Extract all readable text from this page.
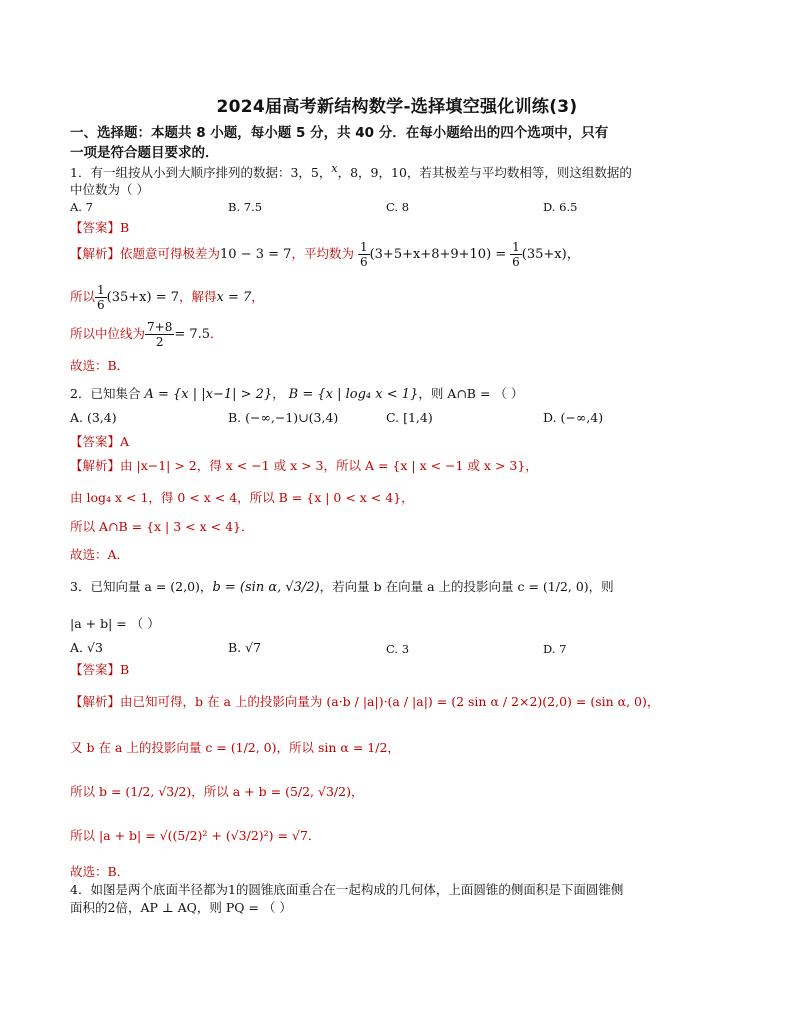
2024届高考新结构数学-选择填空强化训练(3)
一、选择题：本题共 8 小题，每小题 5 分，共 40 分．在每小题给出的四个选项中，只有
一项是符合题目要求的．
1．有一组按从小到大顺序排列的数据：3，5，x，8，9，10，若其极差与平均数相等，则这组数据的
中位数为（ ）
A. 7	B. 7.5	C. 8	D. 6.5
【答案】B
【解析】依题意可得极差为10 − 3 = 7，平均数为 $\frac{1}{6} (3+5+x+8+9+10) = \frac{1}{6} (35+x)$，
所以 $\frac{1}{6} (35+x) = 7$，解得x = 7，
所以中位线为 $\frac{7+8}{2} = 7.5$．
故选：B．
2．已知集合 A = {x | |x−1| > 2}， B = {x | log₄ x < 1}，则 A∩B = （ ）
A. (3,4)	B. (−∞,−1)∪(3,4)	C. [1,4)	D. (−∞,4)
【答案】A
【解析】由 |x−1| > 2，得 x < −1 或 x > 3，所以 A = {x | x < −1 或 x > 3}，
由 log₄ x < 1，得 0 < x < 4，所以 B = {x | 0 < x < 4}，
所以 A∩B = {x | 3 < x < 4}．
故选：A．
3．已知向量 a = (2,0)，b = (sin α, √3/2)，若向量 b 在向量 a 上的投影向量 c = (1/2, 0)，则
|a + b| = （ ）
A. √3	B. √7	C. 3	D. 7
【答案】B
【解析】由已知可得，b 在 a 上的投影向量为 (a·b / |a|)·(a / |a|) = (2 sin α / 2×2)(2,0) = (sin α, 0)，
又 b 在 a 上的投影向量 c = (1/2, 0)，所以 sin α = 1/2，
所以 b = (1/2, √3/2)，所以 a + b = (5/2, √3/2)，
所以 |a + b| = √((5/2)² + (√3/2)²) = √7．
故选：B．
4．如图是两个底面半径都为1的圆锥底面重合在一起构成的几何体，上面圆锥的侧面积是下面圆锥侧
面积的2倍，AP ⊥ AQ，则 PQ = （ ）
